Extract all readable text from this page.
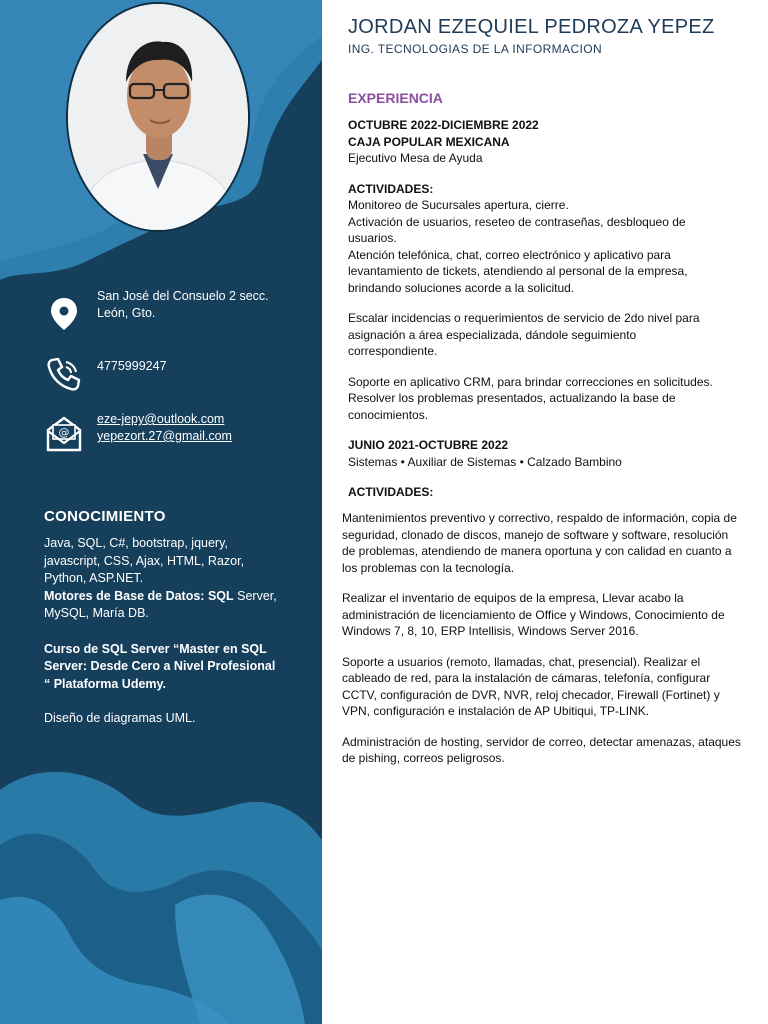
San José del Consuelo 2 secc.
León, Gto.
4775999247
@
eze-jepy@outlook.com
yepezort.27@gmail.com
CONOCIMIENTO

Java, SQL, C#, bootstrap, jquery, javascript, CSS, Ajax, HTML, Razor, Python, ASP.NET.

Motores de Base de Datos: SQL Server, MySQL, María DB.

Curso de SQL Server “Master en SQL Server: Desde Cero a Nivel Profesional “ Plataforma Udemy.

Diseño de diagramas UML.

JORDAN EZEQUIEL PEDROZA YEPEZ
ING. TECNOLOGIAS DE LA INFORMACION
EXPERIENCIA

OCTUBRE 2022-DICIEMBRE 2022

CAJA POPULAR MEXICANA

Ejecutivo Mesa de Ayuda

ACTIVIDADES:

Monitoreo de Sucursales apertura, cierre.

Activación de usuarios, reseteo de contraseñas, desbloqueo de usuarios.

Atención telefónica, chat, correo electrónico y aplicativo para levantamiento de tickets, atendiendo al personal de la empresa, brindando soluciones acorde a la solicitud.

Escalar incidencias o requerimientos de servicio de 2do nivel para asignación a área especializada, dándole seguimiento correspondiente.

Soporte en aplicativo CRM, para brindar correcciones en solicitudes.

Resolver los problemas presentados, actualizando la base de conocimientos.

JUNIO 2021-OCTUBRE 2022

Sistemas • Auxiliar de Sistemas • Calzado Bambino

ACTIVIDADES:

Mantenimientos preventivo y correctivo, respaldo de información, copia de seguridad, clonado de discos, manejo de software y software, resolución de problemas, atendiendo de manera oportuna y con calidad en cuanto a los problemas con la tecnología.

Realizar el inventario de equipos de la empresa, Llevar acabo la administración de licenciamiento de Office y Windows, Conocimiento de Windows 7, 8, 10, ERP Intellisis, Windows Server 2016.

Soporte a usuarios (remoto, llamadas, chat, presencial). Realizar el cableado de red, para la instalación de cámaras, telefonía, configurar CCTV, configuración de DVR, NVR, reloj checador, Firewall (Fortinet) y VPN, configuración e instalación de AP Ubitiqui, TP-LINK.

Administración de hosting, servidor de correo, detectar amenazas, ataques de pishing, correos peligrosos.
